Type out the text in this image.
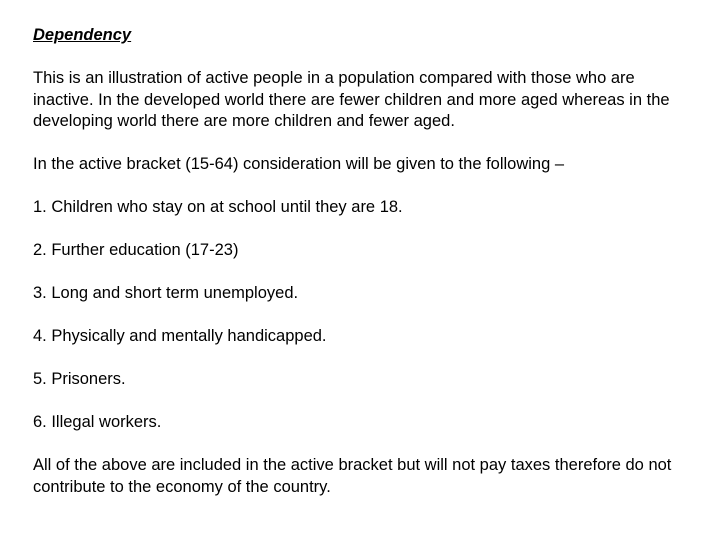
Dependency

This is an illustration of active people in a population compared with those who are inactive. In the developed world there are fewer children and more aged whereas in the developing world there are more children and fewer aged.

In the active bracket (15-64) consideration will be given to the following –

1. Children who stay on at school until they are 18.
2. Further education (17-23)
3. Long and short term unemployed.
4. Physically and mentally handicapped.
5. Prisoners.
6. Illegal workers.

All of the above are included in the active bracket but will not pay taxes therefore do not contribute to the economy of the country.
